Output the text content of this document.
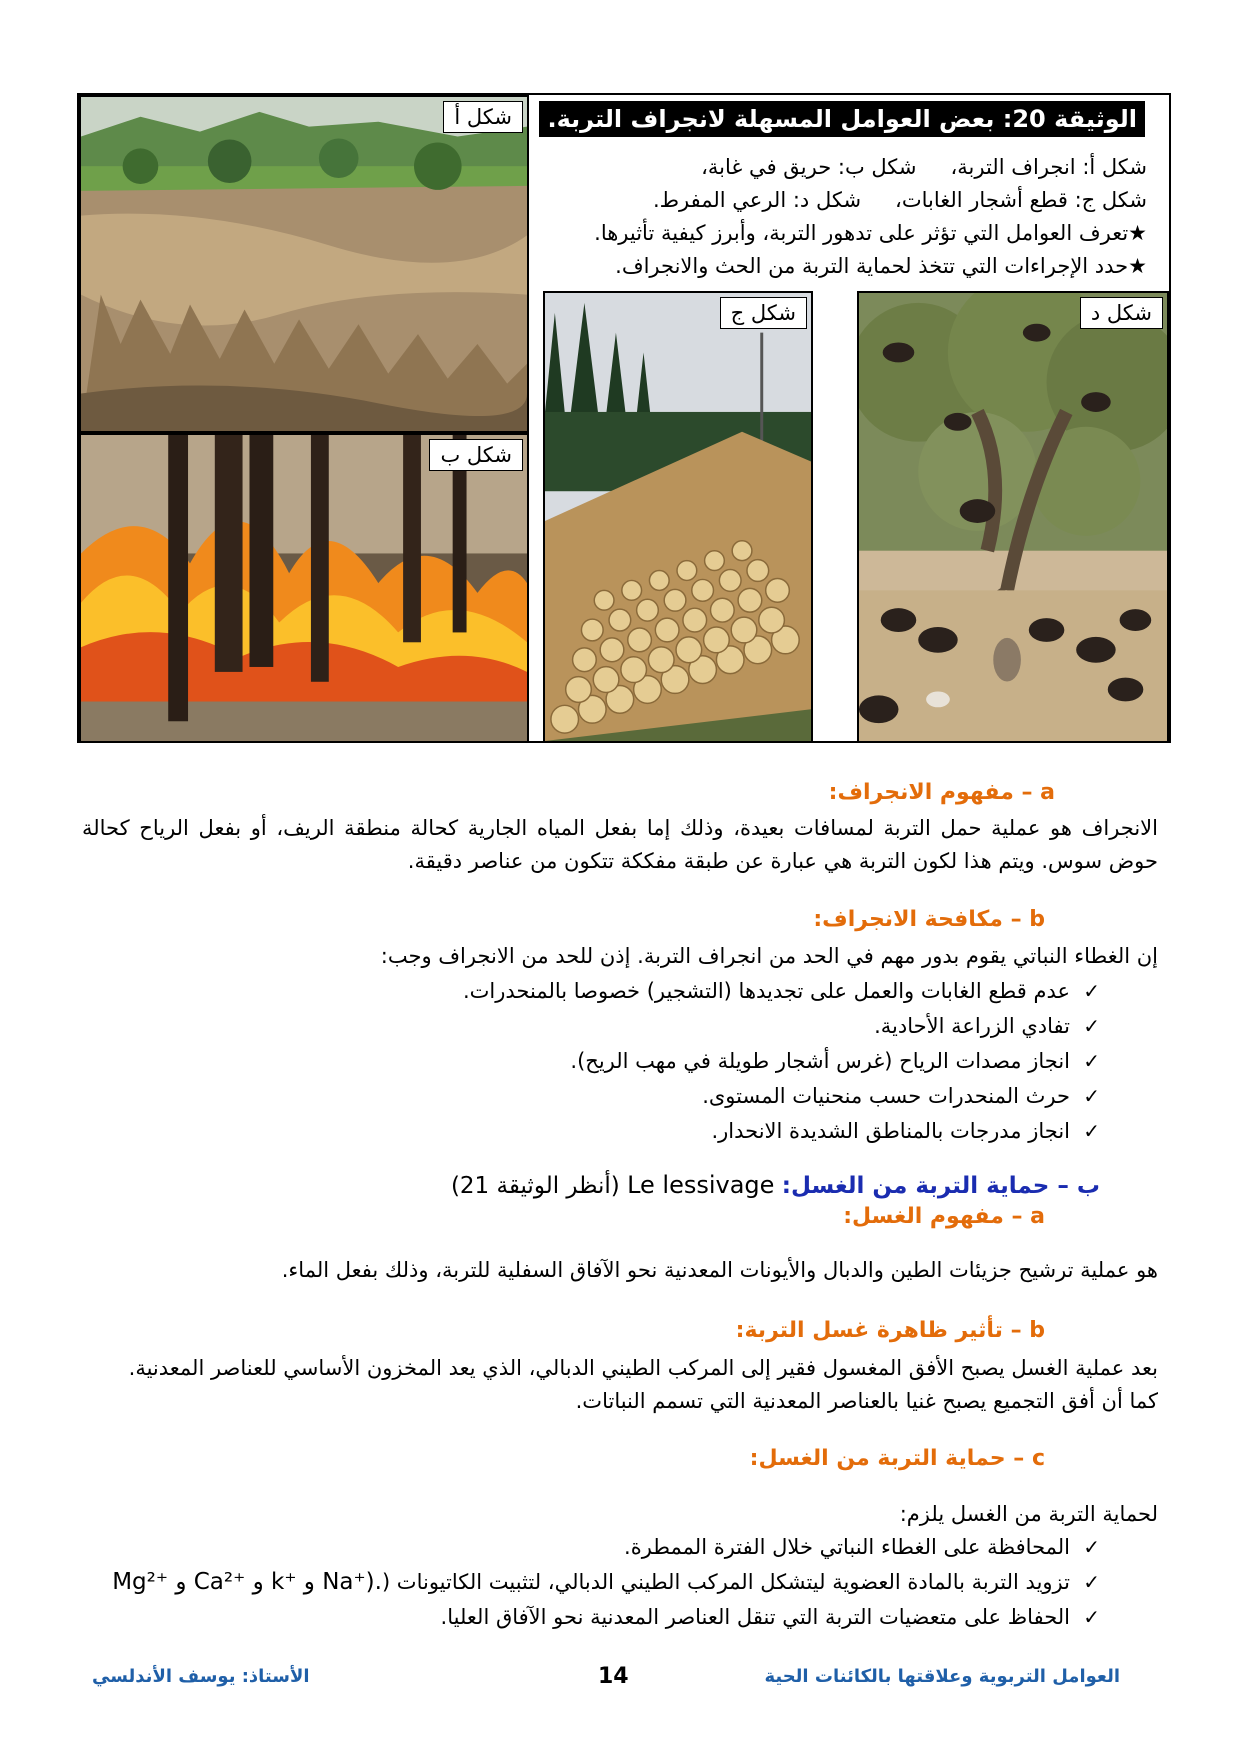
شكل أ
شكل ب
شكل ج	شكل د
الوثيقة 20: بعض العوامل المسهلة لانجراف التربة.
شكل أ: انجراف التربة،شكل ب: حريق في غابة،
شكل ج: قطع أشجار الغابات،شكل د: الرعي المفرط.
★تعرف العوامل التي تؤثر على تدهور التربة، وأبرز كيفية تأثيرها.
★حدد الإجراءات التي تتخذ لحماية التربة من الحث والانجراف.
a – مفهوم الانجراف:
الانجراف هو عملية حمل التربة لمسافات بعيدة، وذلك إما بفعل المياه الجارية كحالة منطقة الريف، أو بفعل الرياح كحالة حوض سوس. ويتم هذا لكون التربة هي عبارة عن طبقة مفككة تتكون من عناصر دقيقة.
b – مكافحة الانجراف:
إن الغطاء النباتي يقوم بدور مهم في الحد من انجراف التربة. إذن للحد من الانجراف وجب:
✓
عدم قطع الغابات والعمل على تجديدها (التشجير) خصوصا بالمنحدرات.
✓
تفادي الزراعة الأحادية.
✓
انجاز مصدات الرياح (غرس أشجار طويلة في مهب الريح).
✓
حرث المنحدرات حسب منحنيات المستوى.
✓
انجاز مدرجات بالمناطق الشديدة الانحدار.
ب – حماية التربة من الغسل: Le lessivage (أنظر الوثيقة 21)
a – مفهوم الغسل:
هو عملية ترشيح جزيئات الطين والدبال والأيونات المعدنية نحو الآفاق السفلية للتربة، وذلك بفعل الماء.
b – تأثير ظاهرة غسل التربة:
بعد عملية الغسل يصبح الأفق المغسول فقير إلى المركب الطيني الدبالي، الذي يعد المخزون الأساسي للعناصر المعدنية.
كما أن أفق التجميع يصبح غنيا بالعناصر المعدنية التي تسمم النباتات.
c – حماية التربة من الغسل:
لحماية التربة من الغسل يلزم:
✓
المحافظة على الغطاء النباتي خلال الفترة الممطرة.
✓
تزويد التربة بالمادة العضوية ليتشكل المركب الطيني الدبالي، لتثبيت الكاتيونات (Mg²⁺ و Ca²⁺ و k⁺ و Na⁺).
✓
الحفاظ على متعضيات التربة التي تنقل العناصر المعدنية نحو الآفاق العليا.
العوامل التربوية وعلاقتها بالكائنات الحية
14
الأستاذ: يوسف الأندلسي
